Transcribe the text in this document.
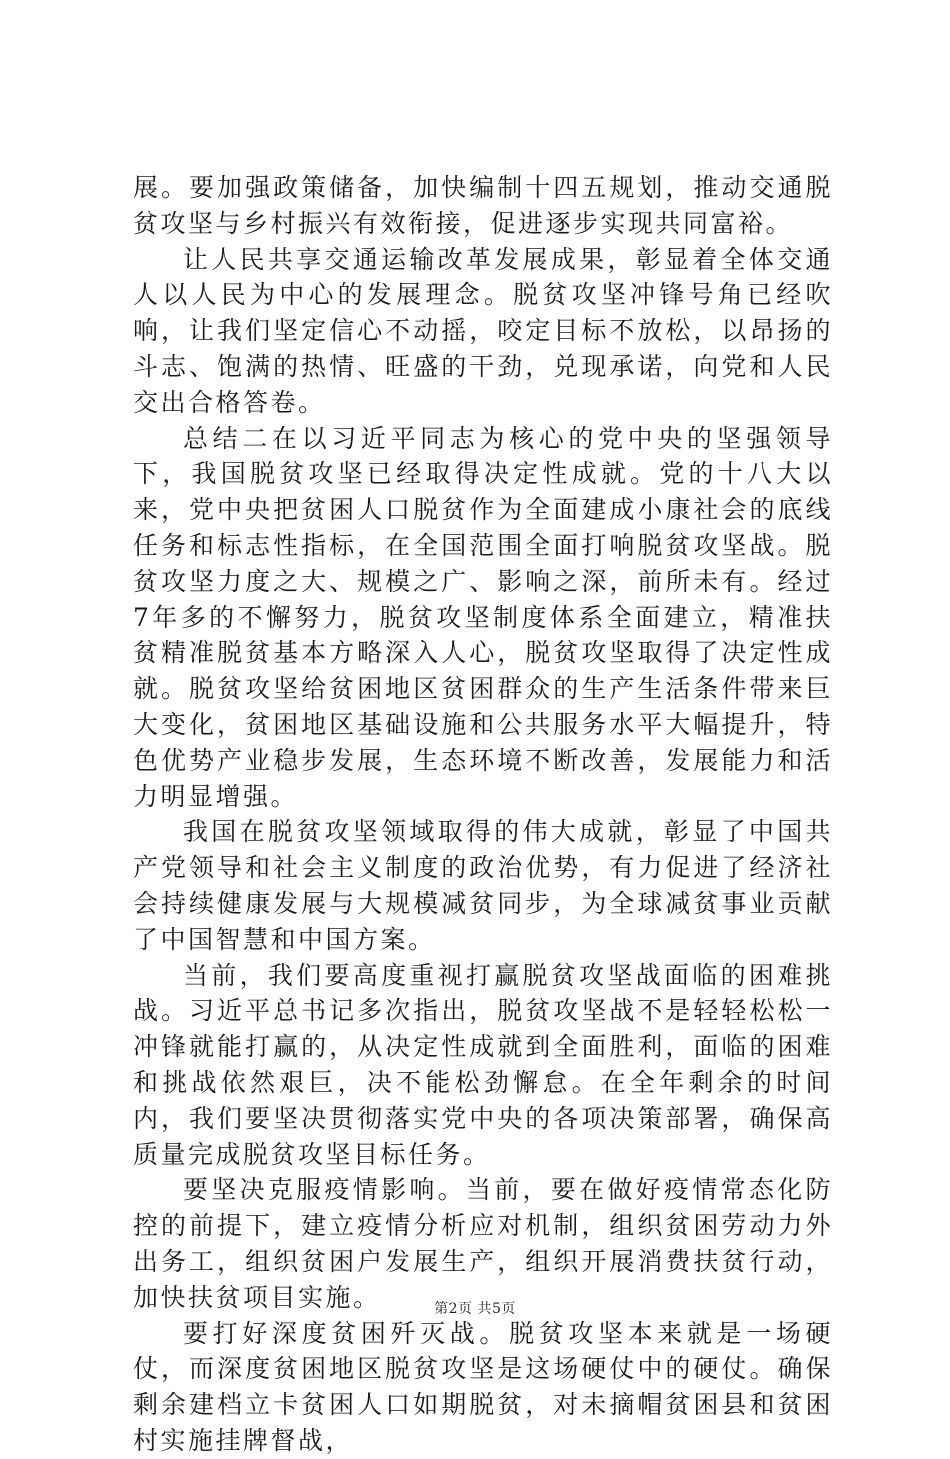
展。要加强政策储备，加快编制十四五规划，推动交通脱贫攻坚与乡村振兴有效衔接，促进逐步实现共同富裕。

让人民共享交通运输改革发展成果，彰显着全体交通人以人民为中心的发展理念。脱贫攻坚冲锋号角已经吹响，让我们坚定信心不动摇，咬定目标不放松，以昂扬的斗志、饱满的热情、旺盛的干劲，兑现承诺，向党和人民交出合格答卷。

总结二在以习近平同志为核心的党中央的坚强领导下，我国脱贫攻坚已经取得决定性成就。党的十八大以来，党中央把贫困人口脱贫作为全面建成小康社会的底线任务和标志性指标，在全国范围全面打响脱贫攻坚战。脱贫攻坚力度之大、规模之广、影响之深，前所未有。经过7年多的不懈努力，脱贫攻坚制度体系全面建立，精准扶贫精准脱贫基本方略深入人心，脱贫攻坚取得了决定性成就。脱贫攻坚给贫困地区贫困群众的生产生活条件带来巨大变化，贫困地区基础设施和公共服务水平大幅提升，特色优势产业稳步发展，生态环境不断改善，发展能力和活力明显增强。

我国在脱贫攻坚领域取得的伟大成就，彰显了中国共产党领导和社会主义制度的政治优势，有力促进了经济社会持续健康发展与大规模减贫同步，为全球减贫事业贡献了中国智慧和中国方案。

当前，我们要高度重视打赢脱贫攻坚战面临的困难挑战。习近平总书记多次指出，脱贫攻坚战不是轻轻松松一冲锋就能打赢的，从决定性成就到全面胜利，面临的困难和挑战依然艰巨，决不能松劲懈怠。在全年剩余的时间内，我们要坚决贯彻落实党中央的各项决策部署，确保高质量完成脱贫攻坚目标任务。

要坚决克服疫情影响。当前，要在做好疫情常态化防控的前提下，建立疫情分析应对机制，组织贫困劳动力外出务工，组织贫困户发展生产，组织开展消费扶贫行动，加快扶贫项目实施。

要打好深度贫困歼灭战。脱贫攻坚本来就是一场硬仗，而深度贫困地区脱贫攻坚是这场硬仗中的硬仗。确保剩余建档立卡贫困人口如期脱贫，对未摘帽贫困县和贫困村实施挂牌督战，

第2页 共5页
